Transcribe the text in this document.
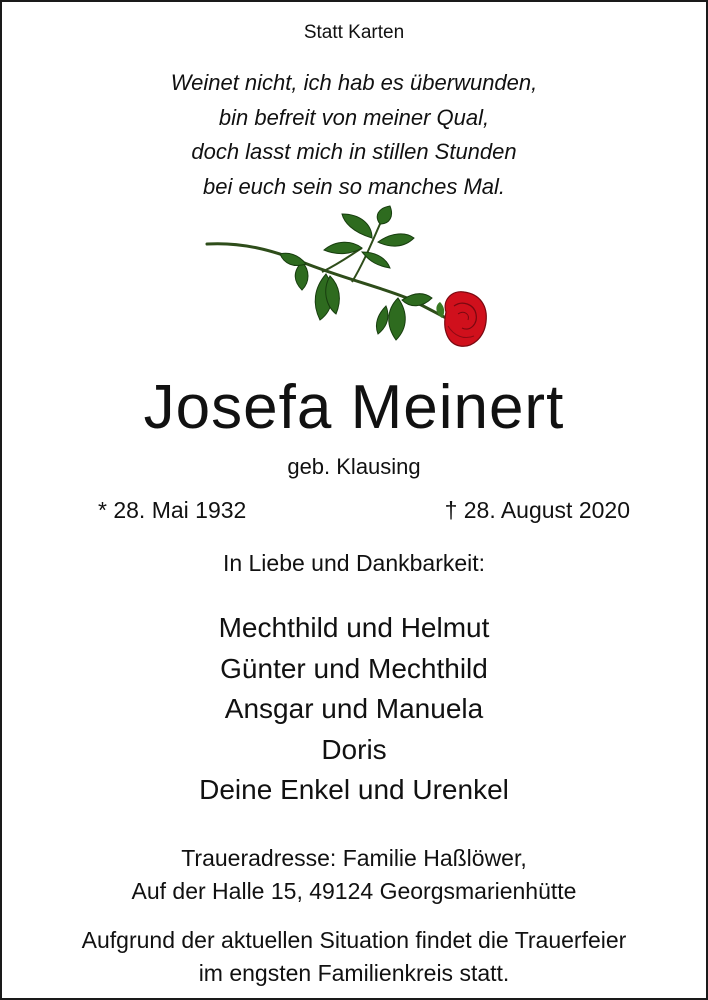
Statt Karten
Weinet nicht, ich hab es überwunden,
bin befreit von meiner Qual,
doch lasst mich in stillen Stunden
bei euch sein so manches Mal.
Josefa Meinert
geb. Klausing
* 28. Mai 1932	† 28. August 2020
In Liebe und Dankbarkeit:
Mechthild und Helmut
Günter und Mechthild
Ansgar und Manuela
Doris
Deine Enkel und Urenkel
Traueradresse: Familie Haßlöwer,
Auf der Halle 15, 49124 Georgsmarienhütte
Aufgrund der aktuellen Situation findet die Trauerfeier
im engsten Familienkreis statt.
